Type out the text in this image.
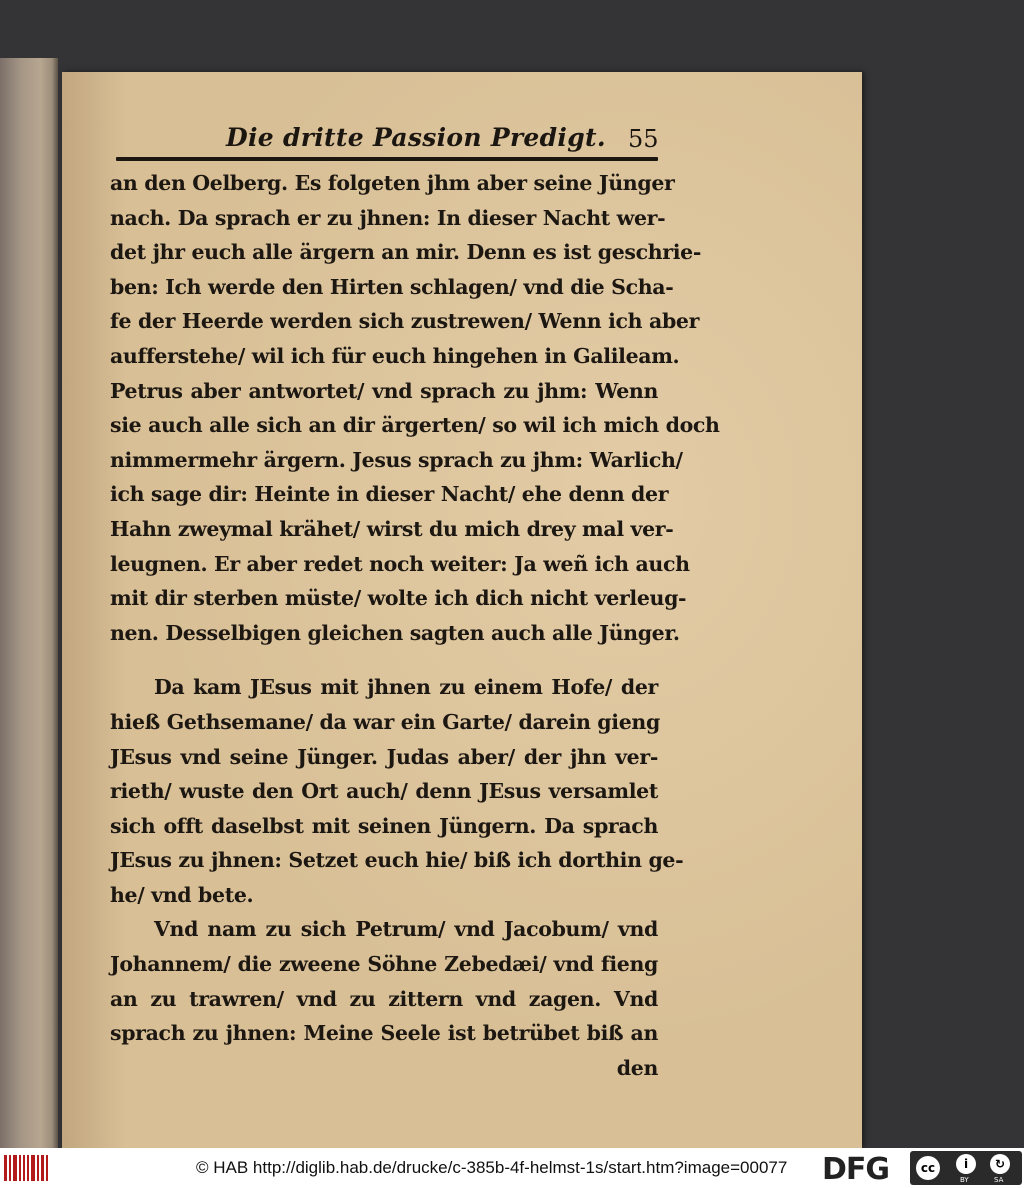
Die dritte Passion Predigt. 55
an den Oelberg. Es folgeten jhm aber seine Jünger
nach. Da sprach er zu jhnen: In dieser Nacht wer-
det jhr euch alle ärgern an mir. Denn es ist geschrie-
ben: Ich werde den Hirten schlagen/ vnd die Scha-
fe der Heerde werden sich zustrewen/ Wenn ich aber
aufferstehe/ wil ich für euch hingehen in Galileam.
Petrus aber antwortet/ vnd sprach zu jhm: Wenn
sie auch alle sich an dir ärgerten/ so wil ich mich doch
nimmermehr ärgern. Jesus sprach zu jhm: Warlich/
ich sage dir: Heinte in dieser Nacht/ ehe denn der
Hahn zweymal krähet/ wirst du mich drey mal ver-
leugnen. Er aber redet noch weiter: Ja weñ ich auch
mit dir sterben müste/ wolte ich dich nicht verleug-
nen. Desselbigen gleichen sagten auch alle Jünger.
Da kam JEsus mit jhnen zu einem Hofe/ der
hieß Gethsemane/ da war ein Garte/ darein gieng
JEsus vnd seine Jünger. Judas aber/ der jhn ver-
rieth/ wuste den Ort auch/ denn JEsus versamlet
sich offt daselbst mit seinen Jüngern. Da sprach
JEsus zu jhnen: Setzet euch hie/ biß ich dorthin ge-
he/ vnd bete.
Vnd nam zu sich Petrum/ vnd Jacobum/ vnd
Johannem/ die zweene Söhne Zebedæi/ vnd fieng
an zu trawren/ vnd zu zittern vnd zagen. Vnd
sprach zu jhnen: Meine Seele ist betrübet biß an
den
© HAB http://diglib.hab.de/drucke/c-385b-4f-helmst-1s/start.htm?image=00077 DFG	cc	i
BY
↻
SA
